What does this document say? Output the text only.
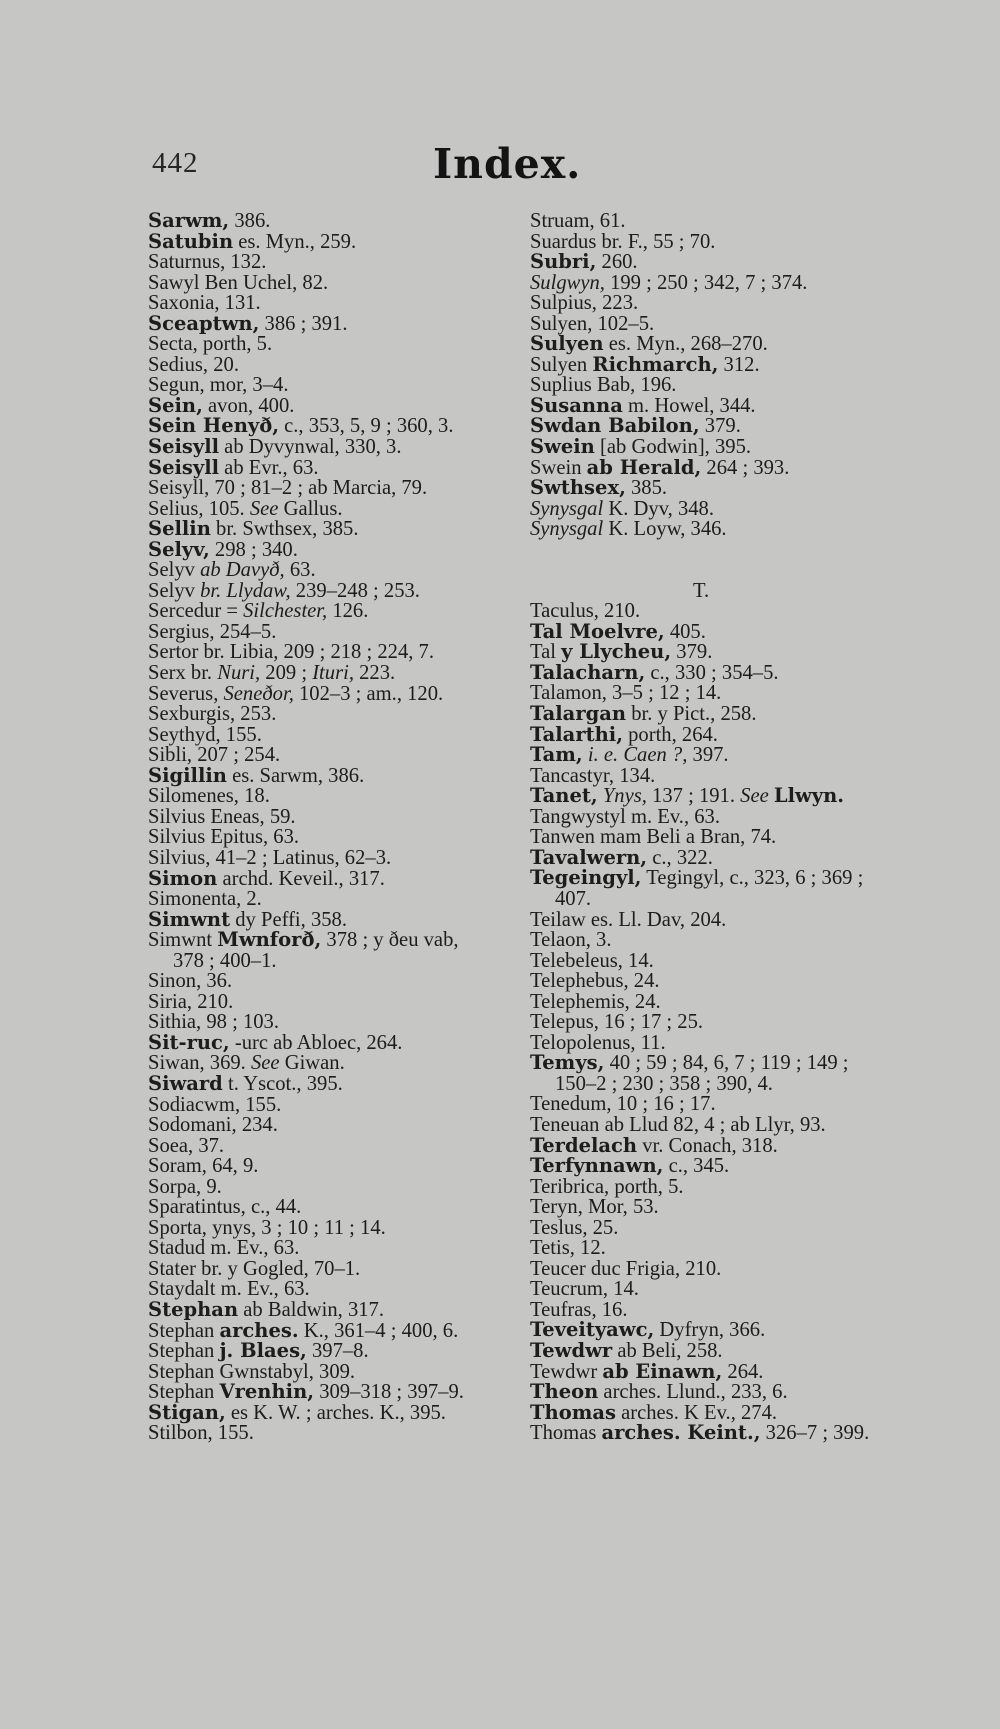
442	Index.
Sarwm, 386.
Satubin es. Myn., 259.
Saturnus, 132.
Sawyl Ben Uchel, 82.
Saxonia, 131.
Sceaptwn, 386 ; 391.
Secta, porth, 5.
Sedius, 20.
Segun, mor, 3–4.
Sein, avon, 400.
Sein Henyð, c., 353, 5, 9 ; 360, 3.
Seisyll ab Dyvynwal, 330, 3.
Seisyll ab Evr., 63.
Seisyll, 70 ; 81–2 ; ab Marcia, 79.
Selius, 105. See Gallus.
Sellin br. Swthsex, 385.
Selyv, 298 ; 340.
Selyv ab Davyð, 63.
Selyv br. Llydaw, 239–248 ; 253.
Sercedur = Silchester, 126.
Sergius, 254–5.
Sertor br. Libia, 209 ; 218 ; 224, 7.
Serx br. Nuri, 209 ; Ituri, 223.
Severus, Seneðor, 102–3 ; am., 120.
Sexburgis, 253.
Seythyd, 155.
Sibli, 207 ; 254.
Sigillin es. Sarwm, 386.
Silomenes, 18.
Silvius Eneas, 59.
Silvius Epitus, 63.
Silvius, 41–2 ; Latinus, 62–3.
Simon archd. Keveil., 317.
Simonenta, 2.
Simwnt dy Peffi, 358.
Simwnt Mwnforð, 378 ; y ðeu vab,
378 ; 400–1.
Sinon, 36.
Siria, 210.
Sithia, 98 ; 103.
Sit-ruc, -urc ab Abloec, 264.
Siwan, 369. See Giwan.
Siward t. Yscot., 395.
Sodiacwm, 155.
Sodomani, 234.
Soea, 37.
Soram, 64, 9.
Sorpa, 9.
Sparatintus, c., 44.
Sporta, ynys, 3 ; 10 ; 11 ; 14.
Stadud m. Ev., 63.
Stater br. y Gogled, 70–1.
Staydalt m. Ev., 63.
Stephan ab Baldwin, 317.
Stephan arches. K., 361–4 ; 400, 6.
Stephan j. Blaes, 397–8.
Stephan Gwnstabyl, 309.
Stephan Vrenhin, 309–318 ; 397–9.
Stigan, es K. W. ; arches. K., 395.
Stilbon, 155.
Struam, 61.
Suardus br. F., 55 ; 70.
Subri, 260.
Sulgwyn, 199 ; 250 ; 342, 7 ; 374.
Sulpius, 223.
Sulyen, 102–5.
Sulyen es. Myn., 268–270.
Sulyen Richmarch, 312.
Suplius Bab, 196.
Susanna m. Howel, 344.
Swdan Babilon, 379.
Swein [ab Godwin], 395.
Swein ab Herald, 264 ; 393.
Swthsex, 385.
Synysgal K. Dyv, 348.
Synysgal K. Loyw, 346.
T.
Taculus, 210.
Tal Moelvre, 405.
Tal y Llycheu, 379.
Talacharn, c., 330 ; 354–5.
Talamon, 3–5 ; 12 ; 14.
Talargan br. y Pict., 258.
Talarthi, porth, 264.
Tam, i. e. Caen ?, 397.
Tancastyr, 134.
Tanet, Ynys, 137 ; 191. See Llwyn.
Tangwystyl m. Ev., 63.
Tanwen mam Beli a Bran, 74.
Tavalwern, c., 322.
Tegeingyl, Tegingyl, c., 323, 6 ; 369 ;
407.
Teilaw es. Ll. Dav, 204.
Telaon, 3.
Telebeleus, 14.
Telephebus, 24.
Telephemis, 24.
Telepus, 16 ; 17 ; 25.
Telopolenus, 11.
Temys, 40 ; 59 ; 84, 6, 7 ; 119 ; 149 ;
150–2 ; 230 ; 358 ; 390, 4.
Tenedum, 10 ; 16 ; 17.
Teneuan ab Llud 82, 4 ; ab Llyr, 93.
Terdelach vr. Conach, 318.
Terfynnawn, c., 345.
Teribrica, porth, 5.
Teryn, Mor, 53.
Teslus, 25.
Tetis, 12.
Teucer duc Frigia, 210.
Teucrum, 14.
Teufras, 16.
Teveityawc, Dyfryn, 366.
Tewdwr ab Beli, 258.
Tewdwr ab Einawn, 264.
Theon arches. Llund., 233, 6.
Thomas arches. K Ev., 274.
Thomas arches. Keint., 326–7 ; 399.
